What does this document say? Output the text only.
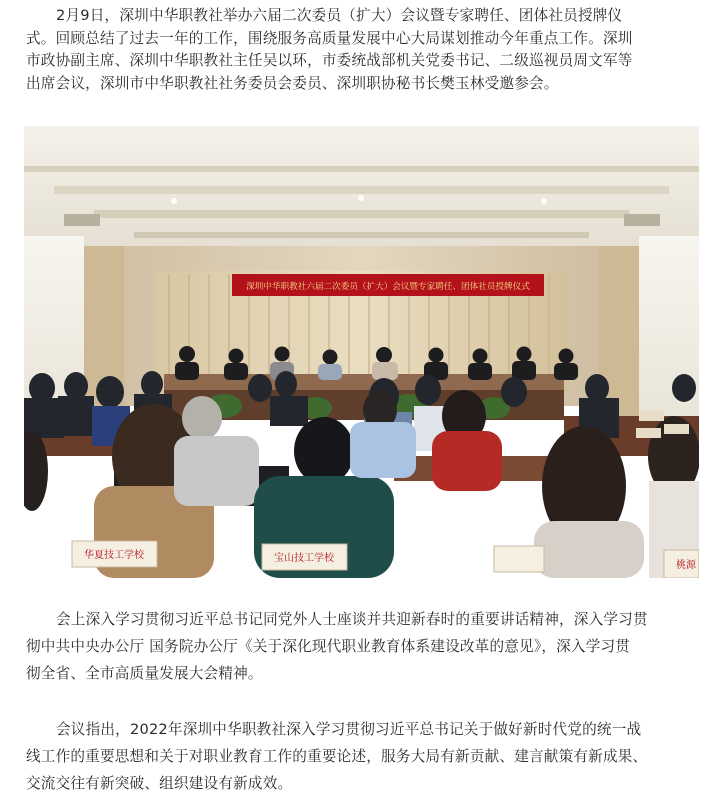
2月9日，深圳中华职教社举办六届二次委员（扩大）会议暨专家聘任、团体社员授牌仪
式。回顾总结了过去一年的工作，围绕服务高质量发展中心大局谋划推动今年重点工作。深圳
市政协副主席、深圳中华职教社主任吴以环，市委统战部机关党委书记、二级巡视员周文军等
出席会议，深圳市中华职教社社务委员会委员、深圳职协秘书长樊玉林受邀参会。
深圳中华职教社六届二次委员（扩大）会议暨专家聘任、团体社员授牌仪式
华夏技工学校	宝山技工学校
桃源
会上深入学习贯彻习近平总书记同党外人士座谈并共迎新春时的重要讲话精神，深入学习贯
彻中共中央办公厅 国务院办公厅《关于深化现代职业教育体系建设改革的意见》，深入学习贯
彻全省、全市高质量发展大会精神。
会议指出，2022年深圳中华职教社深入学习贯彻习近平总书记关于做好新时代党的统一战
线工作的重要思想和关于对职业教育工作的重要论述，服务大局有新贡献、建言献策有新成果、
交流交往有新突破、组织建设有新成效。
